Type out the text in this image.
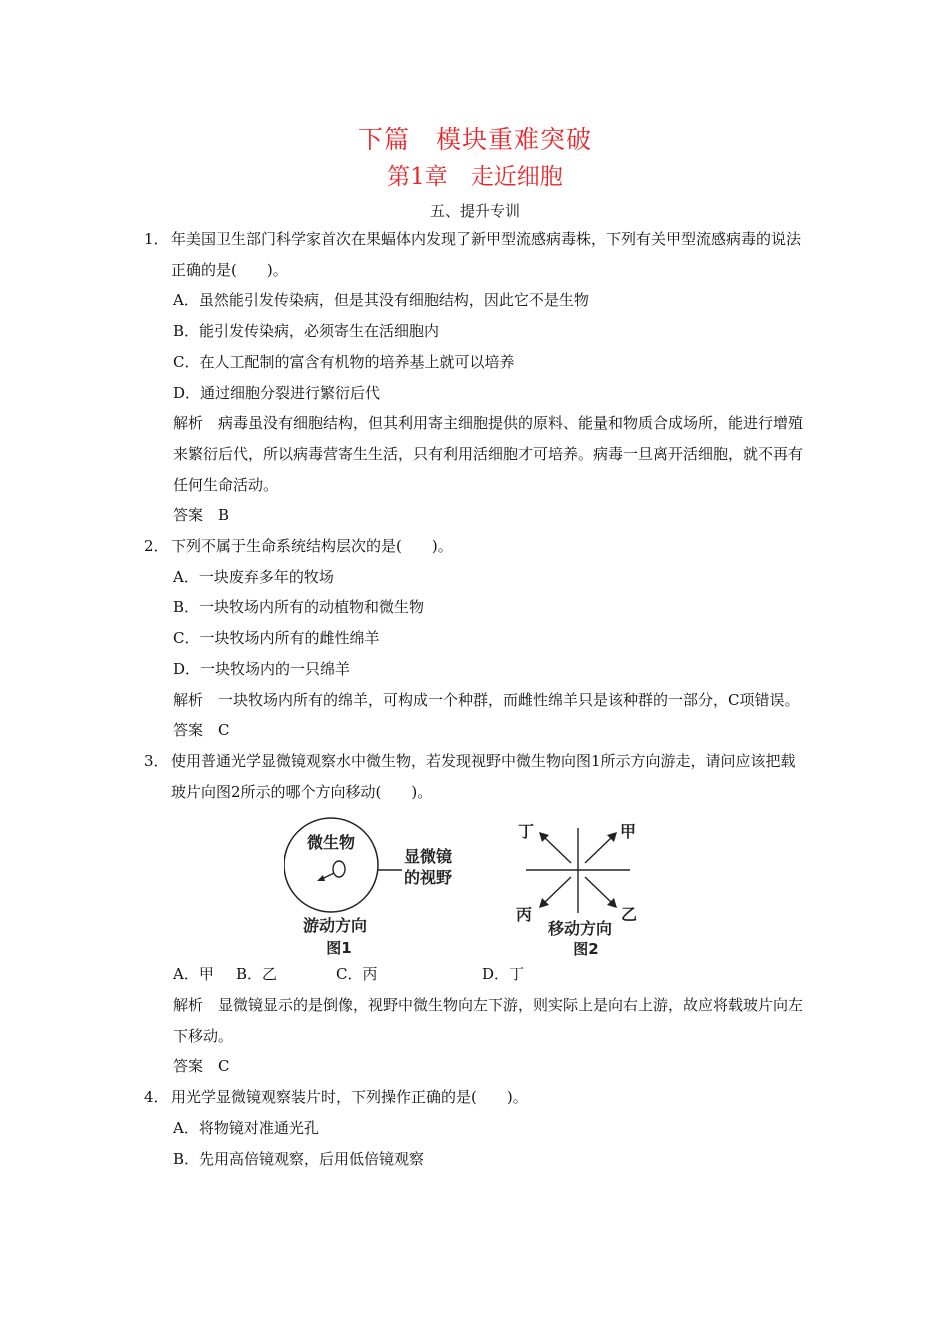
下篇　模块重难突破
第1章　走近细胞
五、提升专训
1． 年美国卫生部门科学家首次在果蝠体内发现了新甲型流感病毒株，下列有关甲型流感病毒的说法正确的是(　　)。
A．虽然能引发传染病，但是其没有细胞结构，因此它不是生物
B．能引发传染病，必须寄生在活细胞内
C．在人工配制的富含有机物的培养基上就可以培养
D．通过细胞分裂进行繁衍后代
解析　病毒虽没有细胞结构，但其利用寄主细胞提供的原料、能量和物质合成场所，能进行增殖来繁衍后代，所以病毒营寄生生活，只有利用活细胞才可培养。病毒一旦离开活细胞，就不再有任何生命活动。
答案　B
2． 下列不属于生命系统结构层次的是(　　)。
A．一块废弃多年的牧场
B．一块牧场内所有的动植物和微生物
C．一块牧场内所有的雌性绵羊
D．一块牧场内的一只绵羊
解析　一块牧场内所有的绵羊，可构成一个种群，而雌性绵羊只是该种群的一部分，C项错误。
答案　C
3． 使用普通光学显微镜观察水中微生物，若发现视野中微生物向图1所示方向游走，请问应该把载玻片向图2所示的哪个方向移动(　　)。
微生物
显微镜
的视野
游动方向
图1
丁	甲
丙	乙
移动方向
图2
A．甲 B．乙	C．丙	D．丁
解析　显微镜显示的是倒像，视野中微生物向左下游，则实际上是向右上游，故应将载玻片向左下移动。
答案　C
4． 用光学显微镜观察装片时，下列操作正确的是(　　)。
A．将物镜对准通光孔
B．先用高倍镜观察，后用低倍镜观察
